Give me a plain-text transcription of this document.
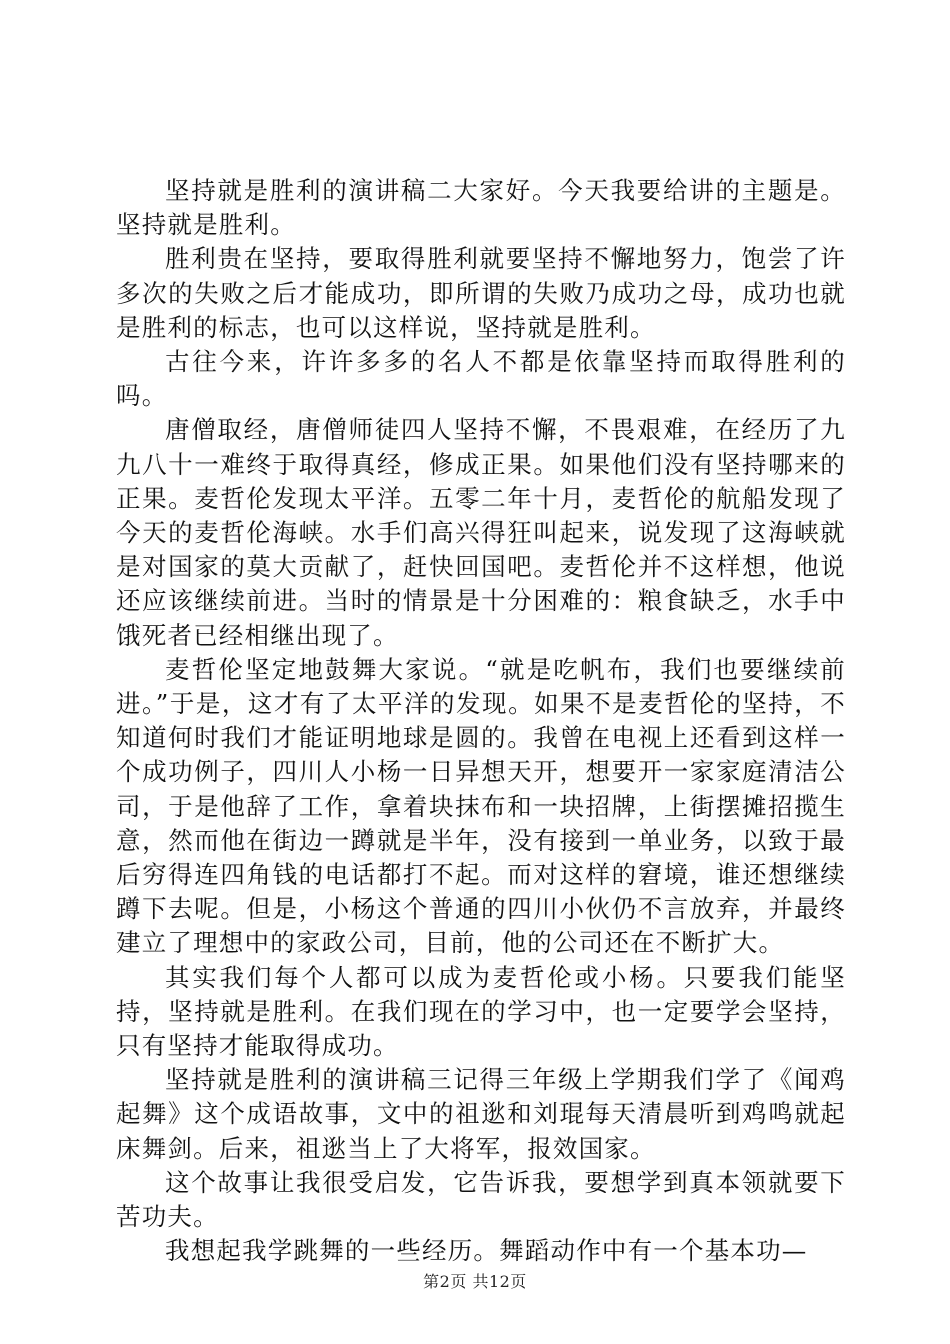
坚持就是胜利的演讲稿二大家好。今天我要给讲的主题是。坚持就是胜利。

胜利贵在坚持，要取得胜利就要坚持不懈地努力，饱尝了许多次的失败之后才能成功，即所谓的失败乃成功之母，成功也就是胜利的标志，也可以这样说，坚持就是胜利。

古往今来，许许多多的名人不都是依靠坚持而取得胜利的吗。

唐僧取经，唐僧师徒四人坚持不懈，不畏艰难，在经历了九九八十一难终于取得真经，修成正果。如果他们没有坚持哪来的正果。麦哲伦发现太平洋。五零二年十月，麦哲伦的航船发现了今天的麦哲伦海峡。水手们高兴得狂叫起来，说发现了这海峡就是对国家的莫大贡献了，赶快回国吧。麦哲伦并不这样想，他说还应该继续前进。当时的情景是十分困难的：粮食缺乏，水手中饿死者已经相继出现了。

麦哲伦坚定地鼓舞大家说。“就是吃帆布，我们也要继续前进。”于是，这才有了太平洋的发现。如果不是麦哲伦的坚持，不知道何时我们才能证明地球是圆的。我曾在电视上还看到这样一个成功例子，四川人小杨一日异想天开，想要开一家家庭清洁公司，于是他辞了工作，拿着块抹布和一块招牌，上街摆摊招揽生意，然而他在街边一蹲就是半年，没有接到一单业务，以致于最后穷得连四角钱的电话都打不起。而对这样的窘境，谁还想继续蹲下去呢。但是，小杨这个普通的四川小伙仍不言放弃，并最终建立了理想中的家政公司，目前，他的公司还在不断扩大。

其实我们每个人都可以成为麦哲伦或小杨。只要我们能坚持，坚持就是胜利。在我们现在的学习中，也一定要学会坚持，只有坚持才能取得成功。

坚持就是胜利的演讲稿三记得三年级上学期我们学了《闻鸡起舞》这个成语故事，文中的祖逖和刘琨每天清晨听到鸡鸣就起床舞剑。后来，祖逖当上了大将军，报效国家。

这个故事让我很受启发，它告诉我，要想学到真本领就要下苦功夫。

我想起我学跳舞的一些经历。舞蹈动作中有一个基本功—

第2页 共12页
